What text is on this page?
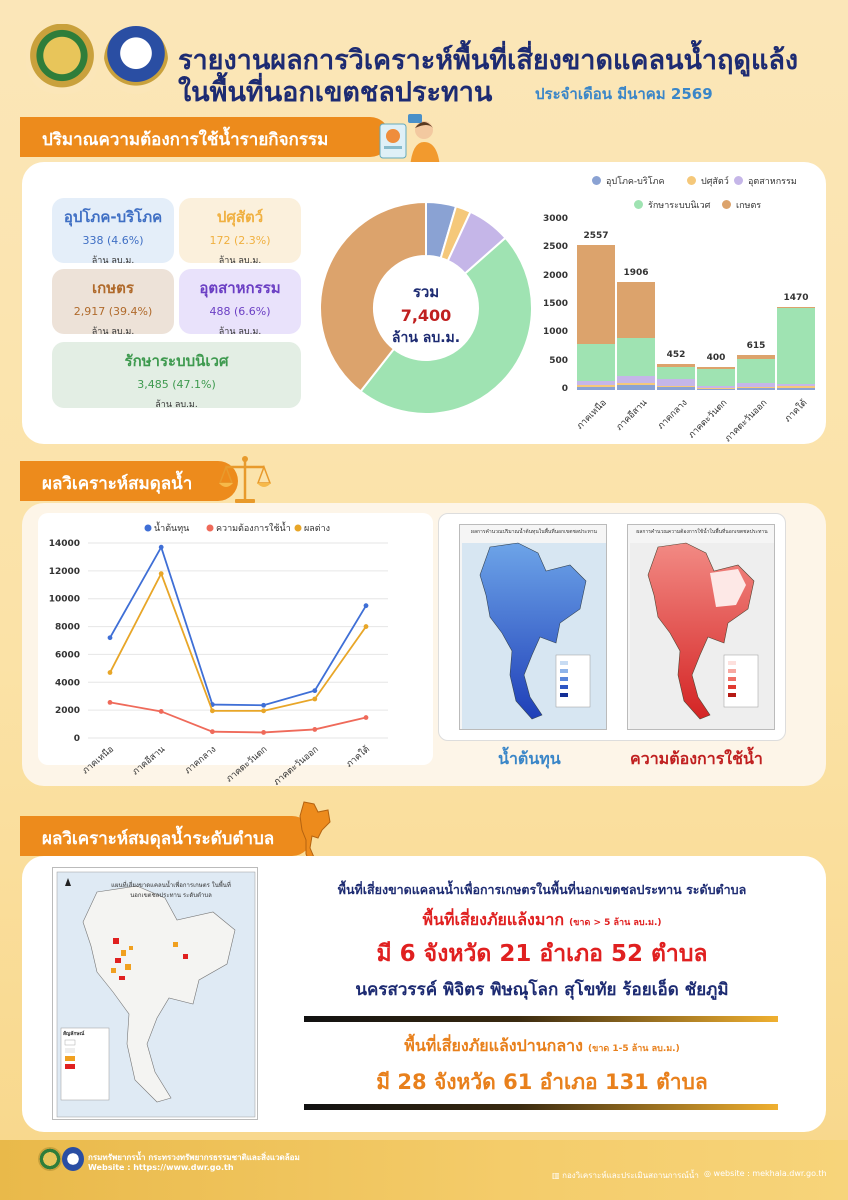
รายงานผลการวิเคราะห์พื้นที่เสี่ยงขาดแคลนน้ำฤดูแล้ง
ในพื้นที่นอกเขตชลประทาน	ประจำเดือน มีนาคม 2569
ปริมาณความต้องการใช้น้ำรายกิจกรรม
อุปโภค-บริโภค
338 (4.6%)
ล้าน ลบ.ม.
ปศุสัตว์
172 (2.3%)
ล้าน ลบ.ม.
เกษตร
2,917 (39.4%)
ล้าน ลบ.ม.
อุตสาหกรรม
488 (6.6%)
ล้าน ลบ.ม.
รักษาระบบนิเวศ
3,485 (47.1%)
ล้าน ลบ.ม.
รวม
7,400
ล้าน ลบ.ม.
อุปโภค-บริโภค	ปศุสัตว์	อุตสาหกรรม
รักษาระบบนิเวศ	เกษตร
0
500
1000
1500
2000
2500
3000
2557
ภาคเหนือ
1906
ภาคอีสาน
452
ภาคกลาง
400
ภาคตะวันตก
615
ภาคตะวันออก
1470
ภาคใต้
ผลวิเคราะห์สมดุลน้ำ
0
2000
4000
6000
8000
10000
12000
14000
น้ำต้นทุน	ความต้องการใช้น้ำ ผลต่าง
ภาคเหนือ ภาคอีสาน ภาคกลาง ภาคตะวันตก ภาคตะวันออก	ภาคใต้
ผลการคำนวณปริมาณน้ำต้นทุนในพื้นที่นอกเขตชลประทาน	ผลการคำนวณความต้องการใช้น้ำในพื้นที่นอกเขตชลประทาน
น้ำต้นทุน	ความต้องการใช้น้ำ
ผลวิเคราะห์สมดุลน้ำระดับตำบล
แผนที่เสี่ยงขาดแคลนน้ำเพื่อการเกษตร ในพื้นที่นอกเขตชลประทาน ระดับตำบล
สัญลักษณ์
พื้นที่เสี่ยงขาดแคลนน้ำเพื่อการเกษตรในพื้นที่นอกเขตชลประทาน ระดับตำบล
พื้นที่เสี่ยงภัยแล้งมาก (ขาด > 5 ล้าน ลบ.ม.)
มี 6 จังหวัด 21 อำเภอ 52 ตำบล
นครสวรรค์ พิจิตร พิษณุโลก สุโขทัย ร้อยเอ็ด ชัยภูมิ
พื้นที่เสี่ยงภัยแล้งปานกลาง (ขาด 1-5 ล้าน ลบ.ม.)
มี 28 จังหวัด 61 อำเภอ 131 ตำบล
กรมทรัพยากรน้ำ กระทรวงทรัพยากรธรรมชาติและสิ่งแวดล้อม
Website : https://www.dwr.go.th
▥ กองวิเคราะห์และประเมินสถานการณ์น้ำ ◎ website : mekhala.dwr.go.th
